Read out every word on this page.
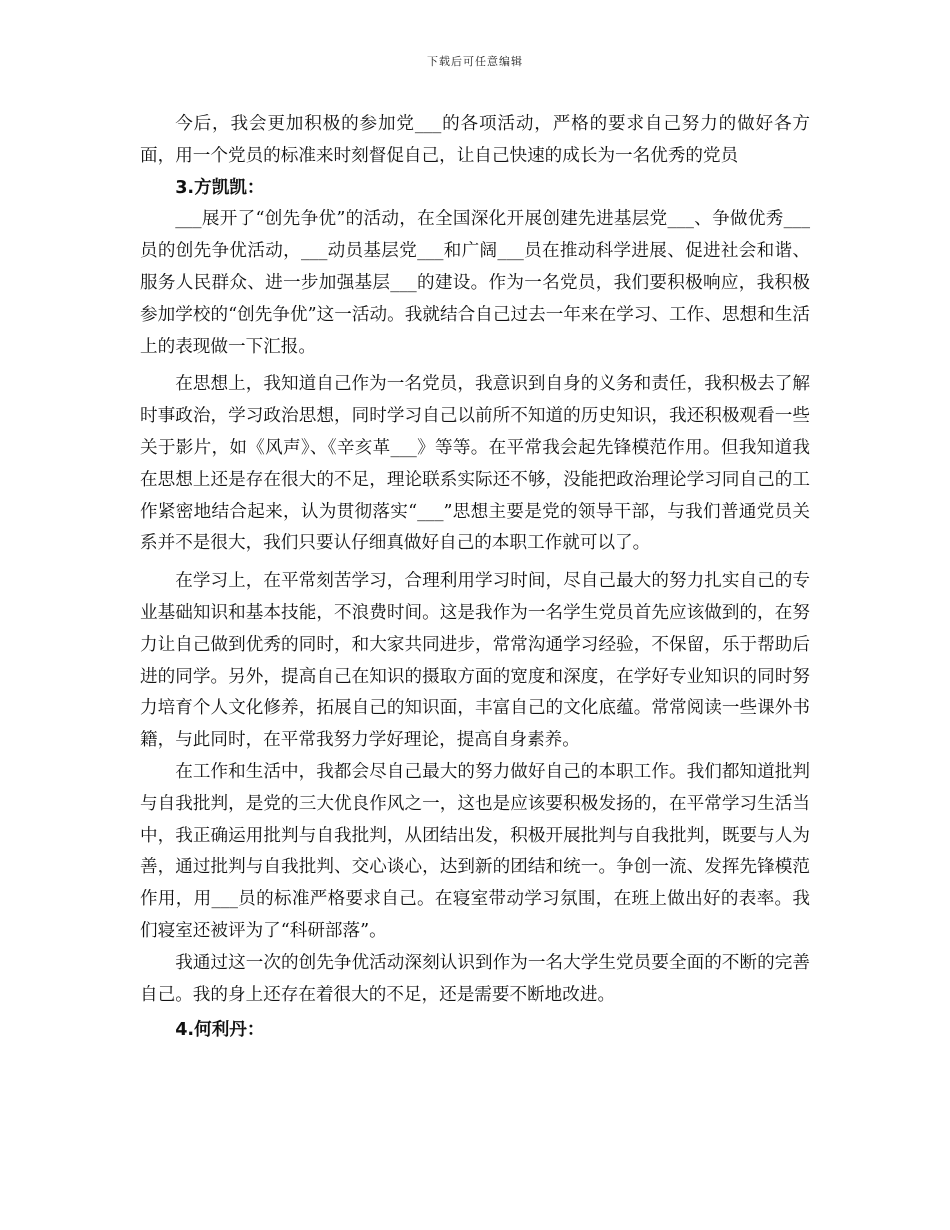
下载后可任意编辑

今后，我会更加积极的参加党___的各项活动，严格的要求自己努力的做好各方面，用一个党员的标准来时刻督促自己，让自己快速的成长为一名优秀的党员

3.方凯凯：

___展开了“创先争优”的活动，在全国深化开展创建先进基层党___、争做优秀___员的创先争优活动，___动员基层党___和广阔___员在推动科学进展、促进社会和谐、服务人民群众、进一步加强基层___的建设。作为一名党员，我们要积极响应，我积极参加学校的“创先争优”这一活动。我就结合自己过去一年来在学习、工作、思想和生活上的表现做一下汇报。

在思想上，我知道自己作为一名党员，我意识到自身的义务和责任，我积极去了解时事政治，学习政治思想，同时学习自己以前所不知道的历史知识，我还积极观看一些关于影片，如《风声》、《辛亥革___》等等。在平常我会起先锋模范作用。但我知道我在思想上还是存在很大的不足，理论联系实际还不够，没能把政治理论学习同自己的工作紧密地结合起来，认为贯彻落实“___”思想主要是党的领导干部，与我们普通党员关系并不是很大，我们只要认仔细真做好自己的本职工作就可以了。

在学习上，在平常刻苦学习，合理利用学习时间，尽自己最大的努力扎实自己的专业基础知识和基本技能，不浪费时间。这是我作为一名学生党员首先应该做到的，在努力让自己做到优秀的同时，和大家共同进步，常常沟通学习经验，不保留，乐于帮助后进的同学。另外，提高自己在知识的摄取方面的宽度和深度，在学好专业知识的同时努力培育个人文化修养，拓展自己的知识面，丰富自己的文化底蕴。常常阅读一些课外书籍，与此同时，在平常我努力学好理论，提高自身素养。

在工作和生活中，我都会尽自己最大的努力做好自己的本职工作。我们都知道批判与自我批判，是党的三大优良作风之一，这也是应该要积极发扬的，在平常学习生活当中，我正确运用批判与自我批判，从团结出发，积极开展批判与自我批判，既要与人为善，通过批判与自我批判、交心谈心，达到新的团结和统一。争创一流、发挥先锋模范作用，用___员的标准严格要求自己。在寝室带动学习氛围，在班上做出好的表率。我们寝室还被评为了“科研部落”。

我通过这一次的创先争优活动深刻认识到作为一名大学生党员要全面的不断的完善自己。我的身上还存在着很大的不足，还是需要不断地改进。

4.何利丹：
